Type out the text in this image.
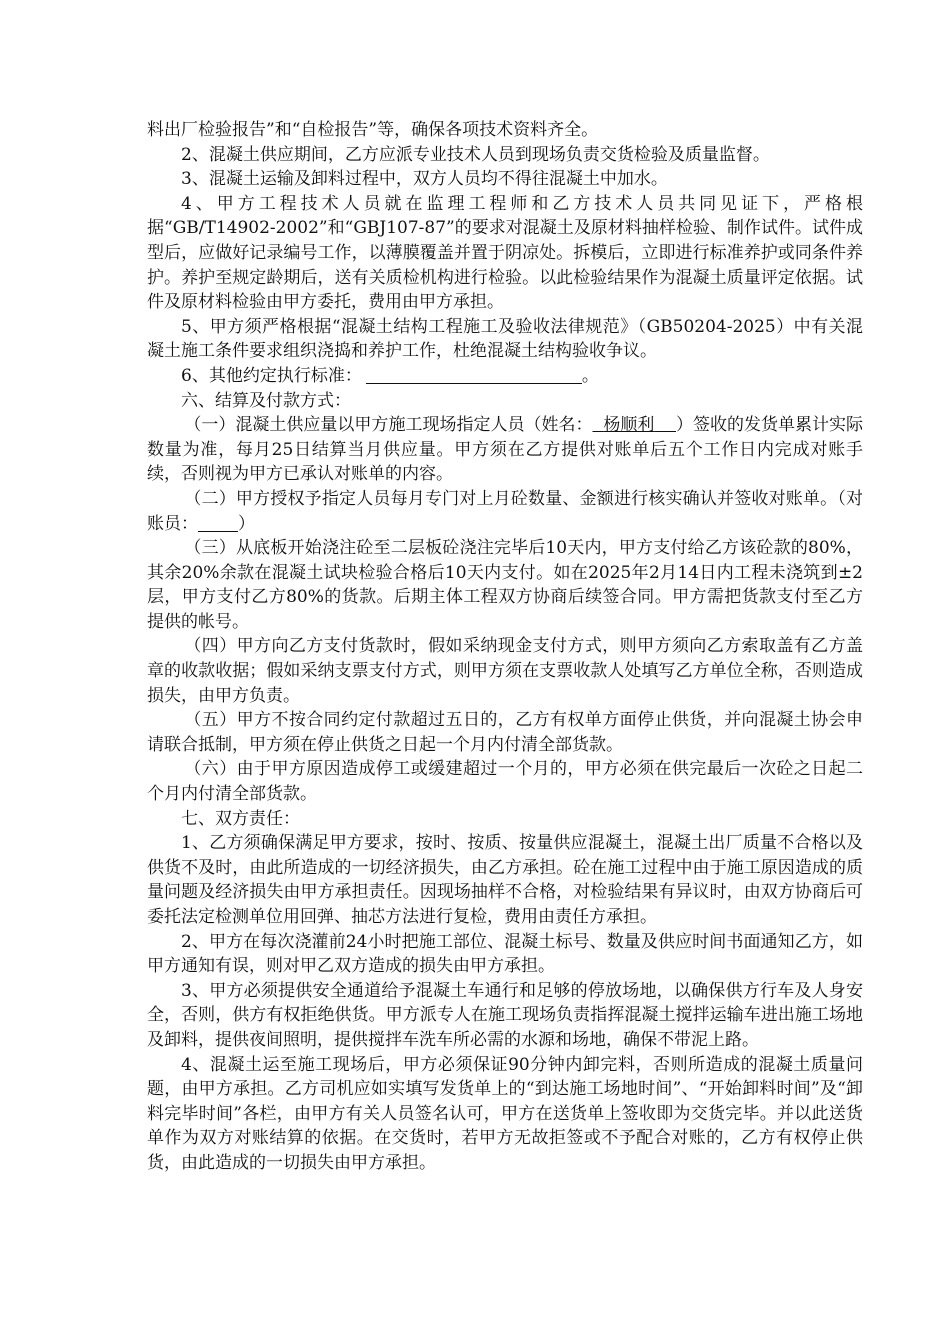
料出厂检验报告”和“自检报告”等，确保各项技术资料齐全。

2、混凝土供应期间，乙方应派专业技术人员到现场负责交货检验及质量监督。

3、混凝土运输及卸料过程中，双方人员均不得往混凝土中加水。

4、甲方工程技术人员就在监理工程师和乙方技术人员共同见证下，严格根据“GB/T14902-2002”和“GBJ107-87”的要求对混凝土及原材料抽样检验、制作试件。试件成型后，应做好记录编号工作，以薄膜覆盖并置于阴凉处。拆模后，立即进行标准养护或同条件养护。养护至规定龄期后，送有关质检机构进行检验。以此检验结果作为混凝土质量评定依据。试件及原材料检验由甲方委托，费用由甲方承担。

5、甲方须严格根据“混凝土结构工程施工及验收法律规范》（GB50204-2025）中有关混凝土施工条件要求组织浇捣和养护工作，杜绝混凝土结构验收争议。

6、其他约定执行标准：	。

六、结算及付款方式：

（一）混凝土供应量以甲方施工现场指定人员（姓名： 杨顺利 ）签收的发货单累计实际数量为准，每月25日结算当月供应量。甲方须在乙方提供对账单后五个工作日内完成对账手续，否则视为甲方已承认对账单的内容。

（二）甲方授权予指定人员每月专门对上月砼数量、金额进行核实确认并签收对账单。（对账员： ）

（三）从底板开始浇注砼至二层板砼浇注完毕后10天内，甲方支付给乙方该砼款的80%，其余20%余款在混凝土试块检验合格后10天内支付。如在2025年2月14日内工程未浇筑到±2层，甲方支付乙方80%的货款。后期主体工程双方协商后续签合同。甲方需把货款支付至乙方提供的帐号。

（四）甲方向乙方支付货款时，假如采纳现金支付方式，则甲方须向乙方索取盖有乙方盖章的收款收据；假如采纳支票支付方式，则甲方须在支票收款人处填写乙方单位全称，否则造成损失，由甲方负责。

（五）甲方不按合同约定付款超过五日的，乙方有权单方面停止供货，并向混凝土协会申请联合抵制，甲方须在停止供货之日起一个月内付清全部货款。

（六）由于甲方原因造成停工或缓建超过一个月的，甲方必须在供完最后一次砼之日起二个月内付清全部货款。

七、双方责任：

1、乙方须确保满足甲方要求，按时、按质、按量供应混凝土，混凝土出厂质量不合格以及供货不及时，由此所造成的一切经济损失，由乙方承担。砼在施工过程中由于施工原因造成的质量问题及经济损失由甲方承担责任。因现场抽样不合格，对检验结果有异议时，由双方协商后可委托法定检测单位用回弹、抽芯方法进行复检，费用由责任方承担。

2、甲方在每次浇灌前24小时把施工部位、混凝土标号、数量及供应时间书面通知乙方，如甲方通知有误，则对甲乙双方造成的损失由甲方承担。

3、甲方必须提供安全通道给予混凝土车通行和足够的停放场地，以确保供方行车及人身安全，否则，供方有权拒绝供货。甲方派专人在施工现场负责指挥混凝土搅拌运输车进出施工场地及卸料，提供夜间照明，提供搅拌车洗车所必需的水源和场地，确保不带泥上路。

4、混凝土运至施工现场后，甲方必须保证90分钟内卸完料，否则所造成的混凝土质量问题，由甲方承担。乙方司机应如实填写发货单上的“到达施工场地时间”、“开始卸料时间”及“卸料完毕时间”各栏，由甲方有关人员签名认可，甲方在送货单上签收即为交货完毕。并以此送货单作为双方对账结算的依据。在交货时，若甲方无故拒签或不予配合对账的，乙方有权停止供货，由此造成的一切损失由甲方承担。
